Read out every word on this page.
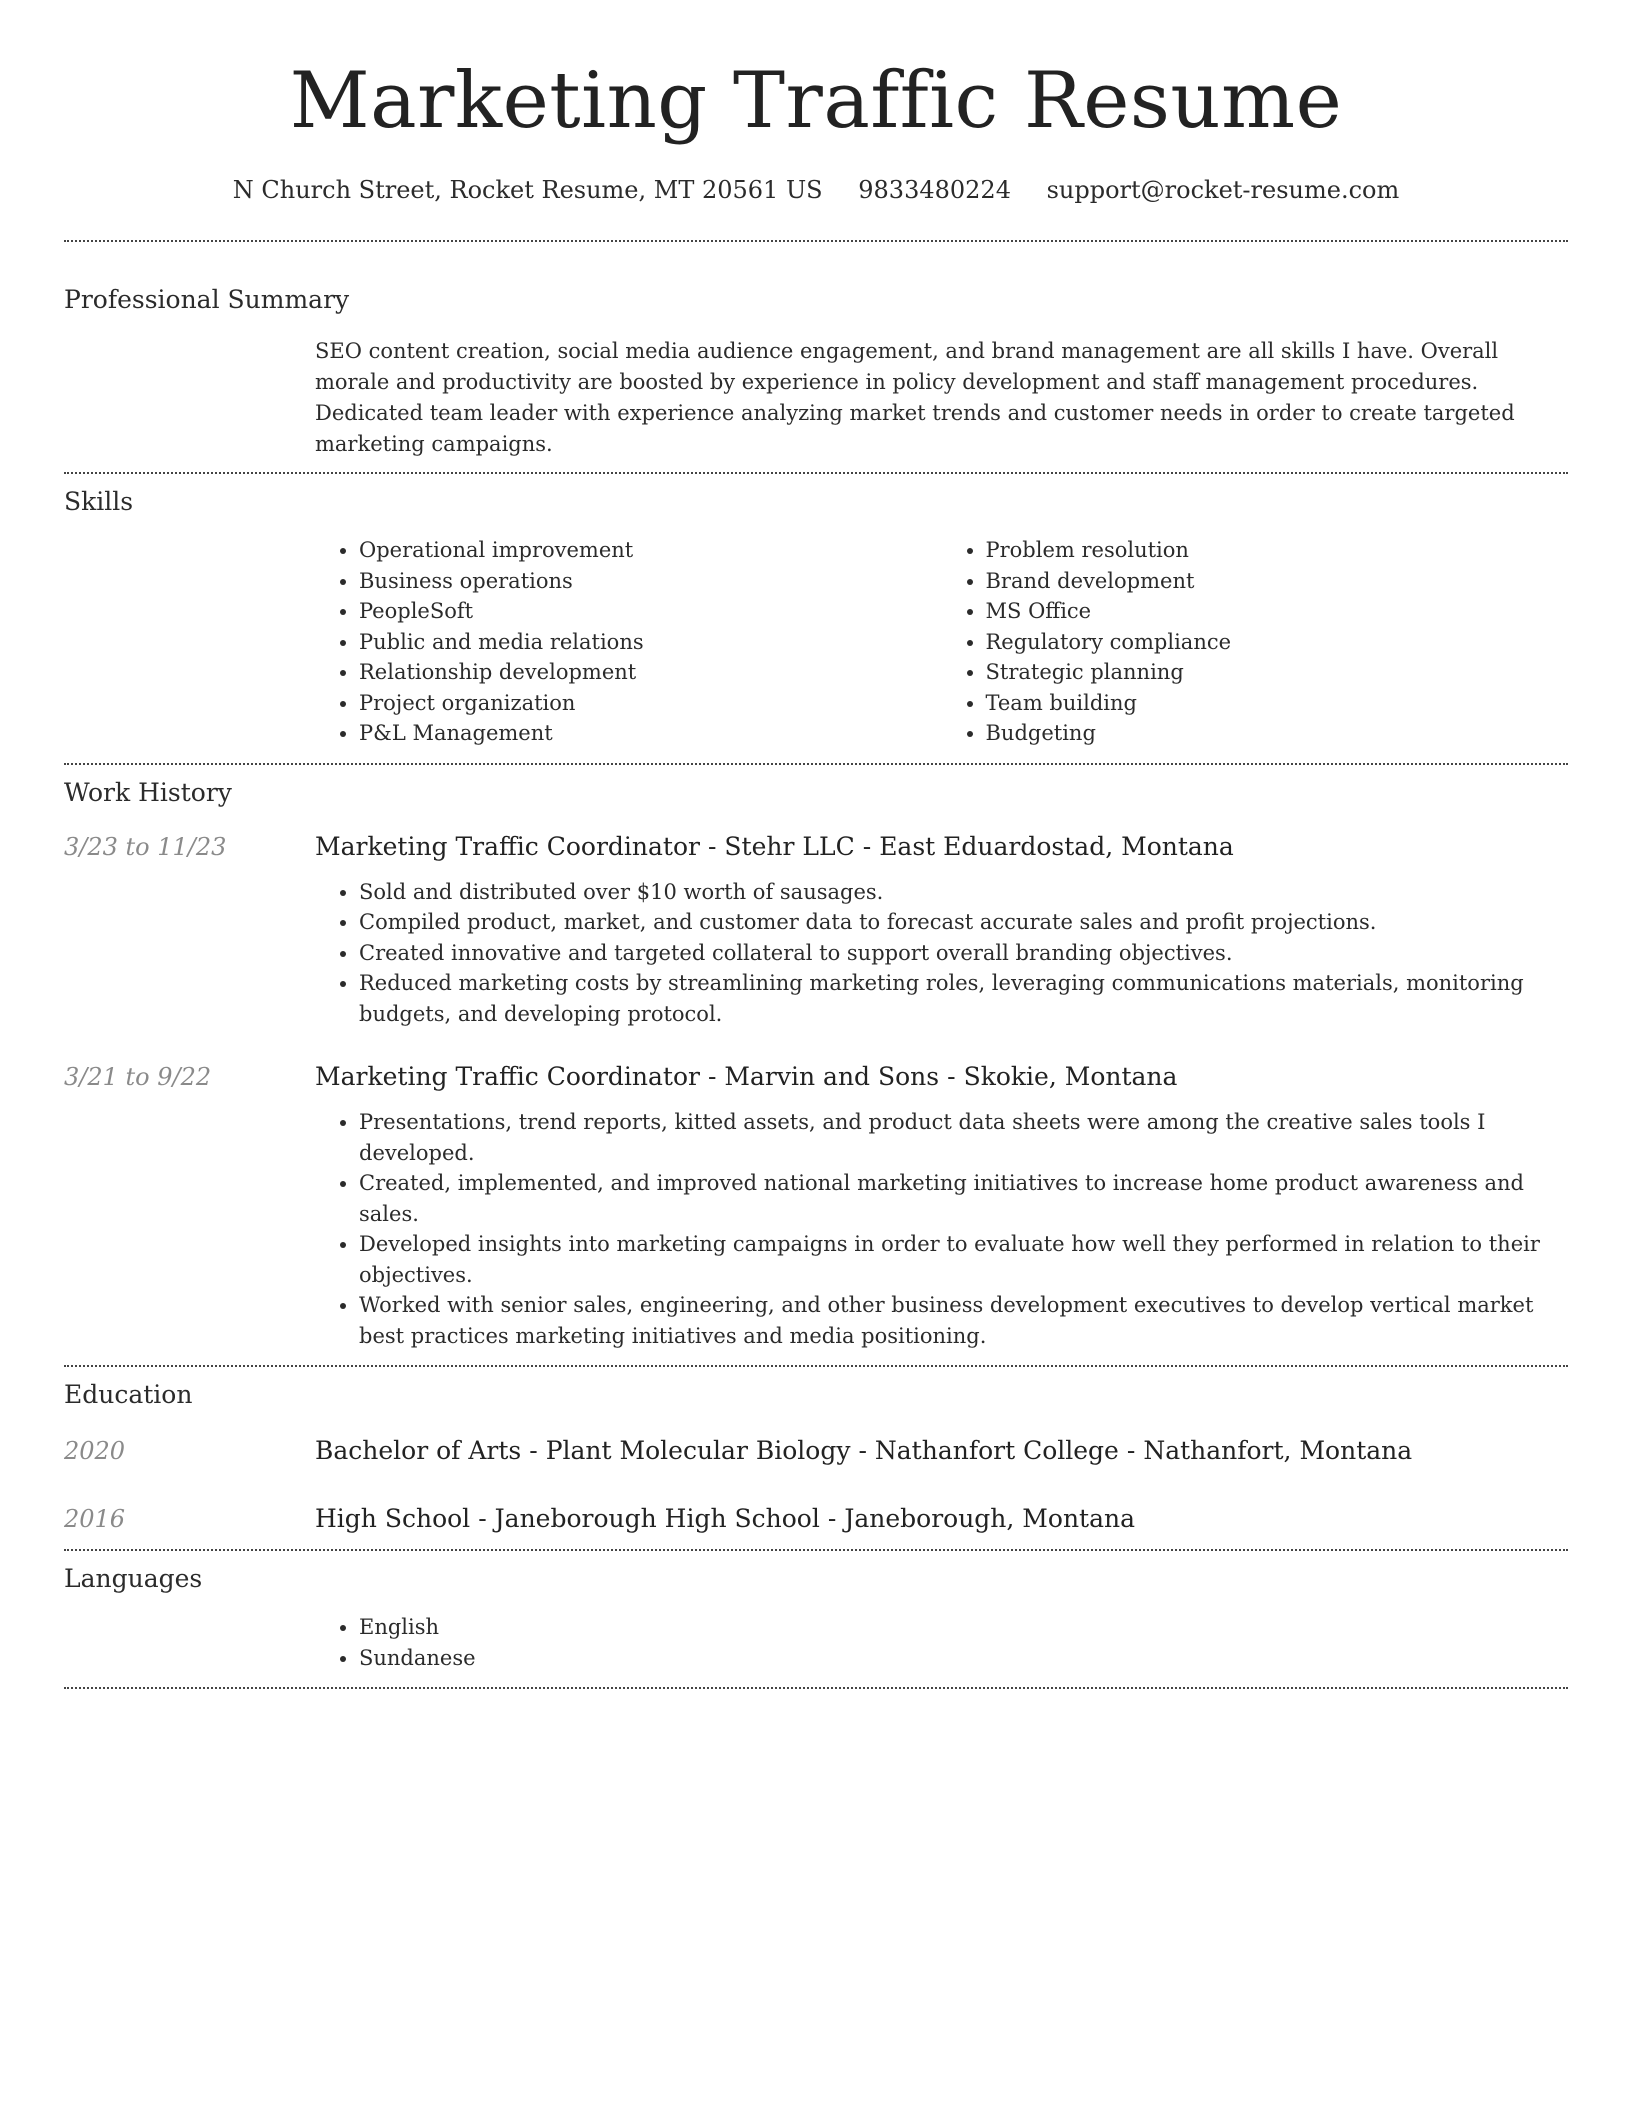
Marketing Traffic Resume
N Church Street, Rocket Resume, MT 20561 US 9833480224 support@rocket-resume.com
Professional Summary
SEO content creation, social media audience engagement, and brand management are all skills I have. Overall morale and productivity are boosted by experience in policy development and staff management procedures. Dedicated team leader with experience analyzing market trends and customer needs in order to create targeted marketing campaigns.
Skills
• Operational improvement
• Business operations
• PeopleSoft
• Public and media relations
• Relationship development
• Project organization
• P&L Management
• Problem resolution
• Brand development
• MS Office
• Regulatory compliance
• Strategic planning
• Team building
• Budgeting
Work History
3/23 to 11/23	Marketing Traffic Coordinator - Stehr LLC - East Eduardostad, Montana
• Sold and distributed over $10 worth of sausages.
• Compiled product, market, and customer data to forecast accurate sales and profit projections.
• Created innovative and targeted collateral to support overall branding objectives.
• Reduced marketing costs by streamlining marketing roles, leveraging communications materials, monitoring budgets, and developing protocol.
3/21 to 9/22	Marketing Traffic Coordinator - Marvin and Sons - Skokie, Montana
• Presentations, trend reports, kitted assets, and product data sheets were among the creative sales tools I developed.
• Created, implemented, and improved national marketing initiatives to increase home product awareness and sales.
• Developed insights into marketing campaigns in order to evaluate how well they performed in relation to their objectives.
• Worked with senior sales, engineering, and other business development executives to develop vertical market best practices marketing initiatives and media positioning.
Education
2020	Bachelor of Arts - Plant Molecular Biology - Nathanfort College - Nathanfort, Montana
2016	High School - Janeborough High School - Janeborough, Montana
Languages
• English
• Sundanese
